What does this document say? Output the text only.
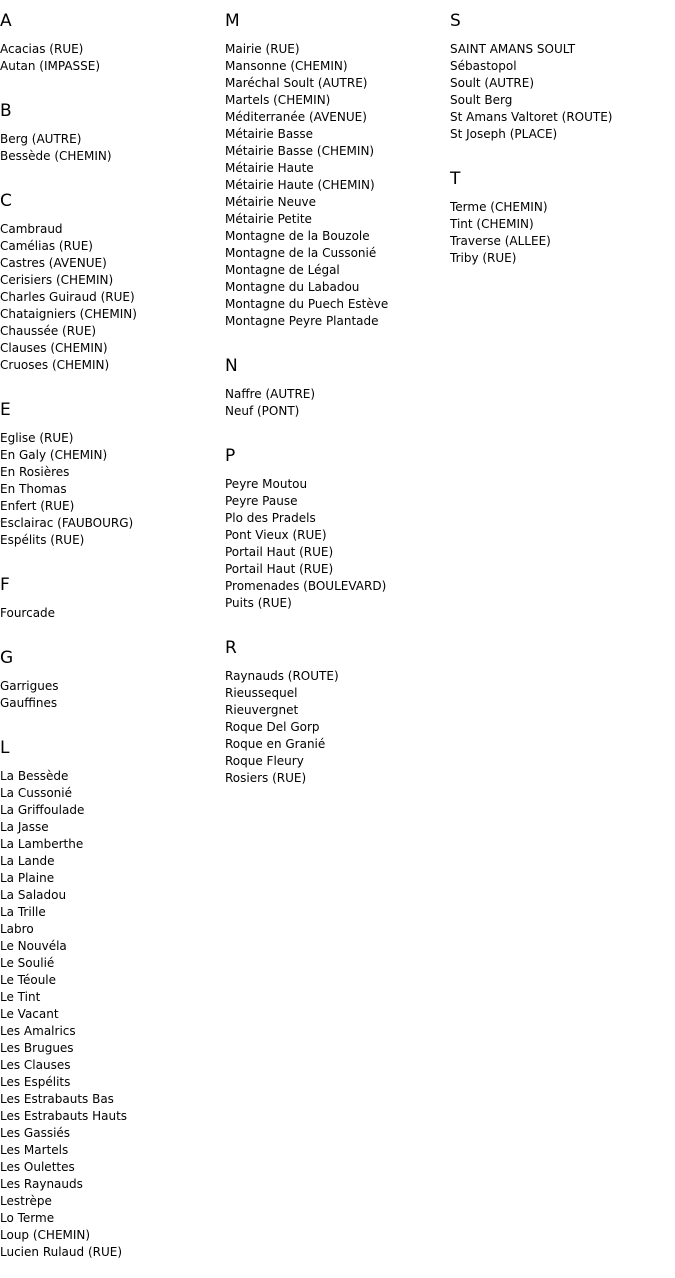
A
Acacias (RUE)
Autan (IMPASSE)
B
Berg (AUTRE)
Bessède (CHEMIN)
C
Cambraud
Camélias (RUE)
Castres (AVENUE)
Cerisiers (CHEMIN)
Charles Guiraud (RUE)
Chataigniers (CHEMIN)
Chaussée (RUE)
Clauses (CHEMIN)
Cruoses (CHEMIN)
E
Eglise (RUE)
En Galy (CHEMIN)
En Rosières
En Thomas
Enfert (RUE)
Esclairac (FAUBOURG)
Espélits (RUE)
F
Fourcade
G
Garrigues
Gauffines
L
La Bessède
La Cussonié
La Griffoulade
La Jasse
La Lamberthe
La Lande
La Plaine
La Saladou
La Trille
Labro
Le Nouvéla
Le Soulié
Le Téoule
Le Tint
Le Vacant
Les Amalrics
Les Brugues
Les Clauses
Les Espélits
Les Estrabauts Bas
Les Estrabauts Hauts
Les Gassiés
Les Martels
Les Oulettes
Les Raynauds
Lestrèpe
Lo Terme
Loup (CHEMIN)
Lucien Rulaud (RUE)
M
Mairie (RUE)
Mansonne (CHEMIN)
Maréchal Soult (AUTRE)
Martels (CHEMIN)
Méditerranée (AVENUE)
Métairie Basse
Métairie Basse (CHEMIN)
Métairie Haute
Métairie Haute (CHEMIN)
Métairie Neuve
Métairie Petite
Montagne de la Bouzole
Montagne de la Cussonié
Montagne de Légal
Montagne du Labadou
Montagne du Puech Estève
Montagne Peyre Plantade
N
Naffre (AUTRE)
Neuf (PONT)
P
Peyre Moutou
Peyre Pause
Plo des Pradels
Pont Vieux (RUE)
Portail Haut (RUE)
Portail Haut (RUE)
Promenades (BOULEVARD)
Puits (RUE)
R
Raynauds (ROUTE)
Rieussequel
Rieuvergnet
Roque Del Gorp
Roque en Granié
Roque Fleury
Rosiers (RUE)
S
SAINT AMANS SOULT
Sébastopol
Soult (AUTRE)
Soult Berg
St Amans Valtoret (ROUTE)
St Joseph (PLACE)
T
Terme (CHEMIN)
Tint (CHEMIN)
Traverse (ALLEE)
Triby (RUE)
